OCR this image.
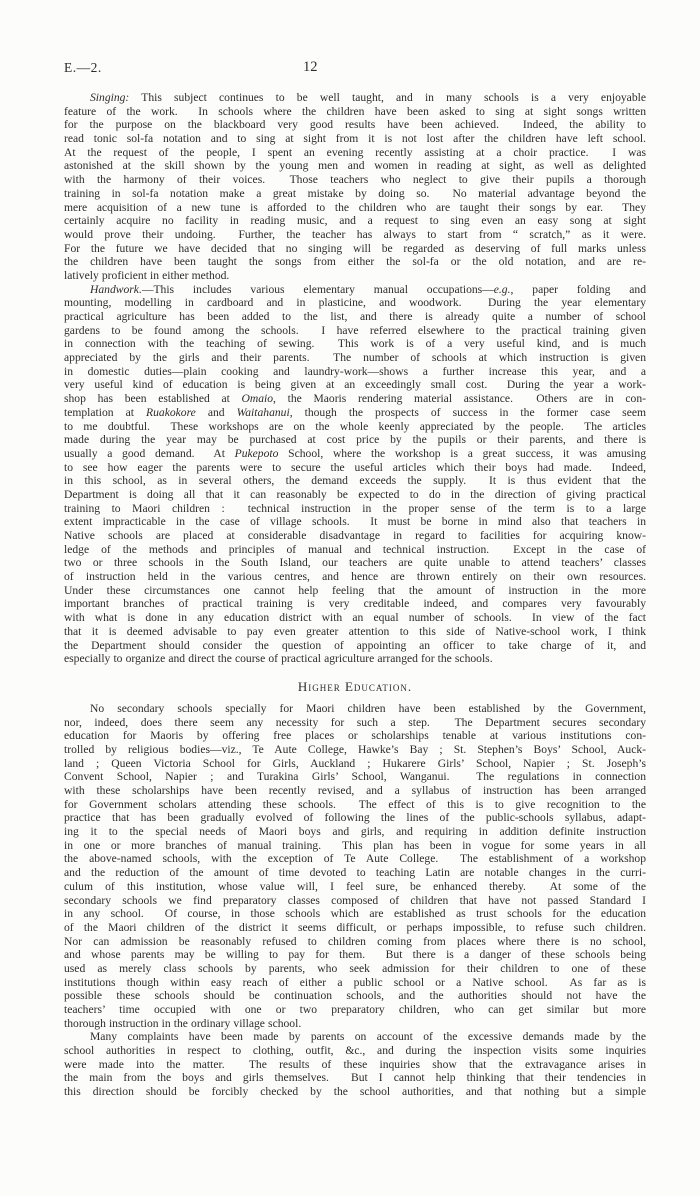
E.—2.	12
Singing: This subject continues to be well taught, and in many schools is a very enjoyable
feature of the work.  In schools where the children have been asked to sing at sight songs written
for the purpose on the blackboard very good results have been achieved.  Indeed, the ability to
read tonic sol-fa notation and to sing at sight from it is not lost after the children have left school.
At the request of the people, I spent an evening recently assisting at a choir practice.  I was
astonished at the skill shown by the young men and women in reading at sight, as well as delighted
with the harmony of their voices.  Those teachers who neglect to give their pupils a thorough
training in sol-fa notation make a great mistake by doing so.  No material advantage beyond the
mere acquisition of a new tune is afforded to the children who are taught their songs by ear.  They
certainly acquire no facility in reading music, and a request to sing even an easy song at sight
would prove their undoing.  Further, the teacher has always to start from “ scratch,” as it were.
For the future we have decided that no singing will be regarded as deserving of full marks unless
the children have been taught the songs from either the sol-fa or the old notation, and are re-
latively proficient in either method.
Handwork.—This includes various elementary manual occupations—e.g., paper folding and
mounting, modelling in cardboard and in plasticine, and woodwork.  During the year elementary
practical agriculture has been added to the list, and there is already quite a number of school
gardens to be found among the schools.  I have referred elsewhere to the practical training given
in connection with the teaching of sewing.  This work is of a very useful kind, and is much
appreciated by the girls and their parents.  The number of schools at which instruction is given
in domestic duties—plain cooking and laundry-work—shows a further increase this year, and a
very useful kind of education is being given at an exceedingly small cost.  During the year a work-
shop has been established at Omaio, the Maoris rendering material assistance.  Others are in con-
templation at Ruakokore and Waitahanui, though the prospects of success in the former case seem
to me doubtful.  These workshops are on the whole keenly appreciated by the people.  The articles
made during the year may be purchased at cost price by the pupils or their parents, and there is
usually a good demand.  At Pukepoto School, where the workshop is a great success, it was amusing
to see how eager the parents were to secure the useful articles which their boys had made.  Indeed,
in this school, as in several others, the demand exceeds the supply.  It is thus evident that the
Department is doing all that it can reasonably be expected to do in the direction of giving practical
training to Maori children :  technical instruction in the proper sense of the term is to a large
extent impracticable in the case of village schools.  It must be borne in mind also that teachers in
Native schools are placed at considerable disadvantage in regard to facilities for acquiring know-
ledge of the methods and principles of manual and technical instruction.  Except in the case of
two or three schools in the South Island, our teachers are quite unable to attend teachers’ classes
of instruction held in the various centres, and hence are thrown entirely on their own resources.
Under these circumstances one cannot help feeling that the amount of instruction in the more
important branches of practical training is very creditable indeed, and compares very favourably
with what is done in any education district with an equal number of schools.  In view of the fact
that it is deemed advisable to pay even greater attention to this side of Native-school work, I think
the Department should consider the question of appointing an officer to take charge of it, and
especially to organize and direct the course of practical agriculture arranged for the schools.
Higher Education.
No secondary schools specially for Maori children have been established by the Government,
nor, indeed, does there seem any necessity for such a step.  The Department secures secondary
education for Maoris by offering free places or scholarships tenable at various institutions con-
trolled by religious bodies—viz., Te Aute College, Hawke’s Bay ; St. Stephen’s Boys’ School, Auck-
land ; Queen Victoria School for Girls, Auckland ; Hukarere Girls’ School, Napier ; St. Joseph’s
Convent School, Napier ; and Turakina Girls’ School, Wanganui.  The regulations in connection
with these scholarships have been recently revised, and a syllabus of instruction has been arranged
for Government scholars attending these schools.  The effect of this is to give recognition to the
practice that has been gradually evolved of following the lines of the public-schools syllabus, adapt-
ing it to the special needs of Maori boys and girls, and requiring in addition definite instruction
in one or more branches of manual training.  This plan has been in vogue for some years in all
the above-named schools, with the exception of Te Aute College.  The establishment of a workshop
and the reduction of the amount of time devoted to teaching Latin are notable changes in the curri-
culum of this institution, whose value will, I feel sure, be enhanced thereby.  At some of the
secondary schools we find preparatory classes composed of children that have not passed Standard I
in any school.  Of course, in those schools which are established as trust schools for the education
of the Maori children of the district it seems difficult, or perhaps impossible, to refuse such children.
Nor can admission be reasonably refused to children coming from places where there is no school,
and whose parents may be willing to pay for them.  But there is a danger of these schools being
used as merely class schools by parents, who seek admission for their children to one of these
institutions though within easy reach of either a public school or a Native school.  As far as is
possible these schools should be continuation schools, and the authorities should not have the
teachers’ time occupied with one or two preparatory children, who can get similar but more
thorough instruction in the ordinary village school.
Many complaints have been made by parents on account of the excessive demands made by the
school authorities in respect to clothing, outfit, &c., and during the inspection visits some inquiries
were made into the matter.  The results of these inquiries show that the extravagance arises in
the main from the boys and girls themselves.  But I cannot help thinking that their tendencies in
this direction should be forcibly checked by the school authorities, and that nothing but a simple
